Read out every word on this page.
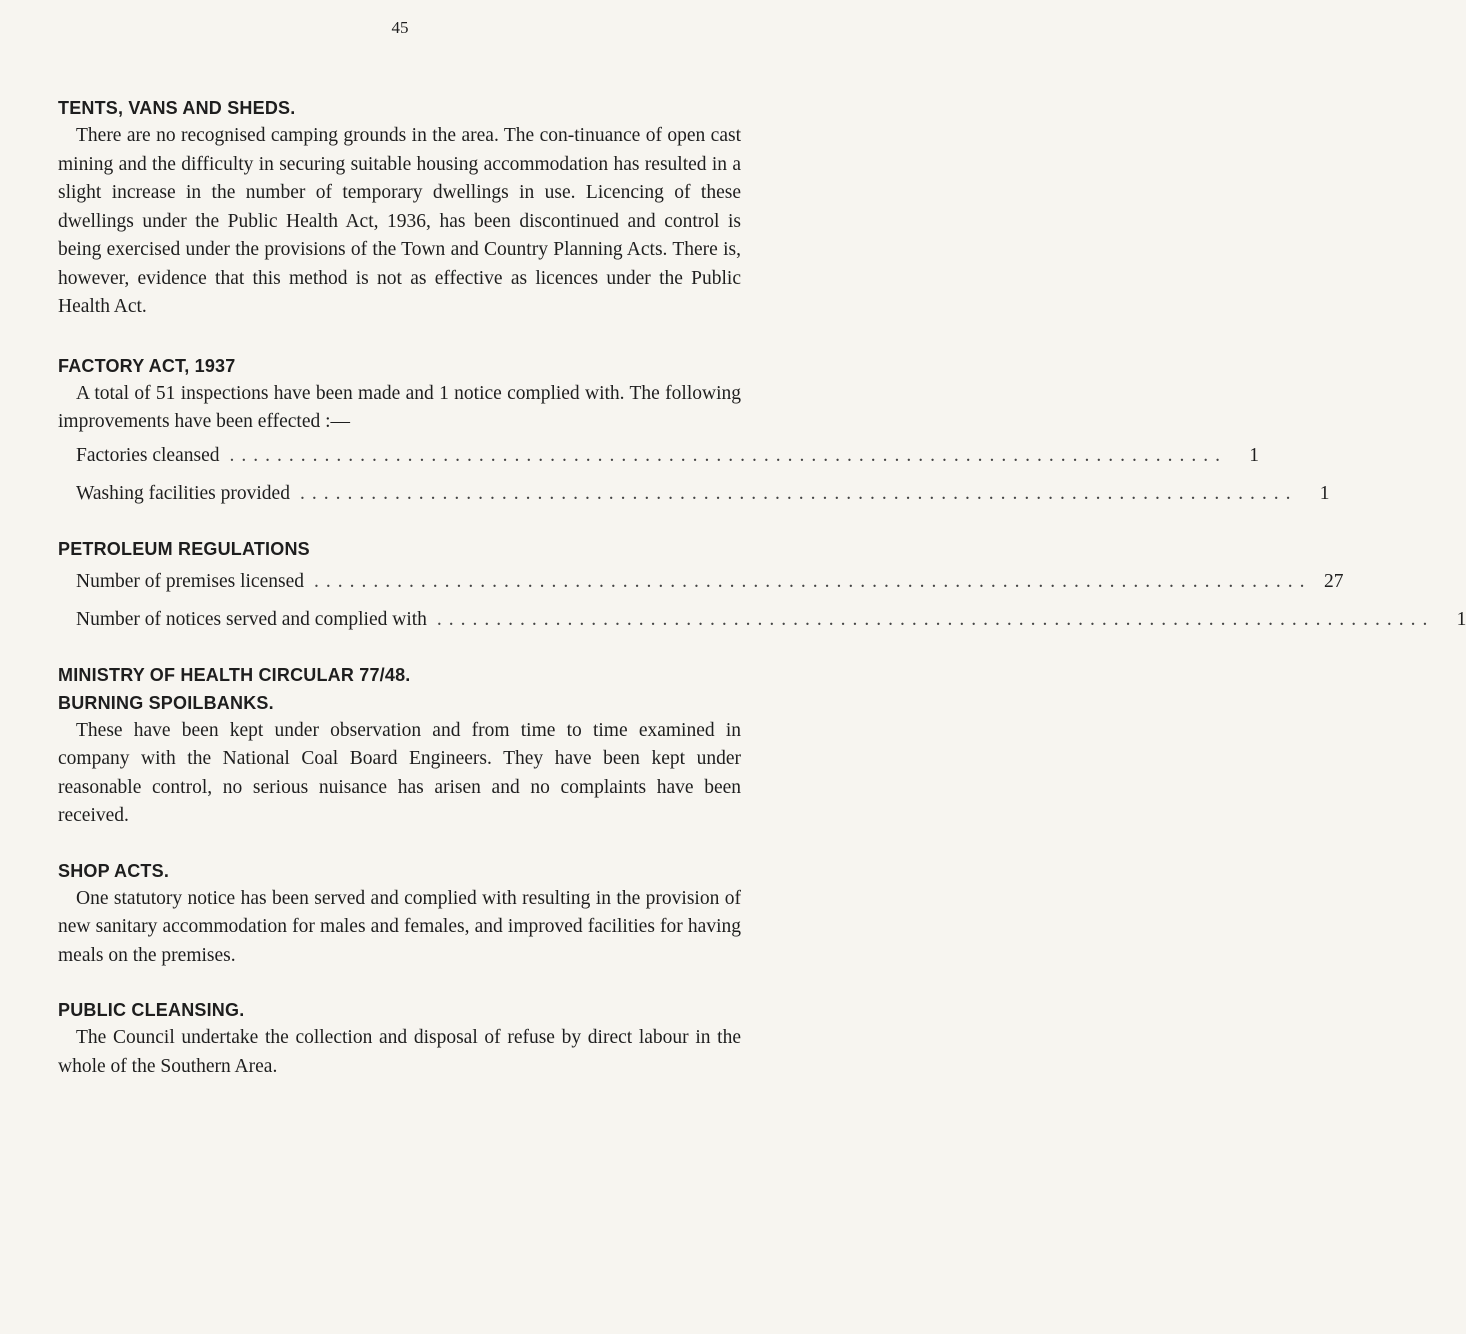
45
TENTS, VANS AND SHEDS.

There are no recognised camping grounds in the area. The con-tinuance of open cast mining and the difficulty in securing suitable housing accommodation has resulted in a slight increase in the number of temporary dwellings in use. Licencing of these dwellings under the Public Health Act, 1936, has been discontinued and control is being exercised under the provisions of the Town and Country Planning Acts. There is, however, evidence that this method is not as effective as licences under the Public Health Act.

FACTORY ACT, 1937

A total of 51 inspections have been made and 1 notice complied with. The following improvements have been effected :—

Factories cleansed ....................................................................................	1
Washing facilities provided ....................................................................................	1
PETROLEUM REGULATIONS
Number of premises licensed .................................................................................... 27
Number of notices served and complied with ....................................................................................	1
MINISTRY OF HEALTH CIRCULAR 77/48.
BURNING SPOILBANKS.

These have been kept under observation and from time to time examined in company with the National Coal Board Engineers. They have been kept under reasonable control, no serious nuisance has arisen and no complaints have been received.

SHOP ACTS.

One statutory notice has been served and complied with resulting in the provision of new sanitary accommodation for males and females, and improved facilities for having meals on the premises.

PUBLIC CLEANSING.

The Council undertake the collection and disposal of refuse by direct labour in the whole of the Southern Area.
